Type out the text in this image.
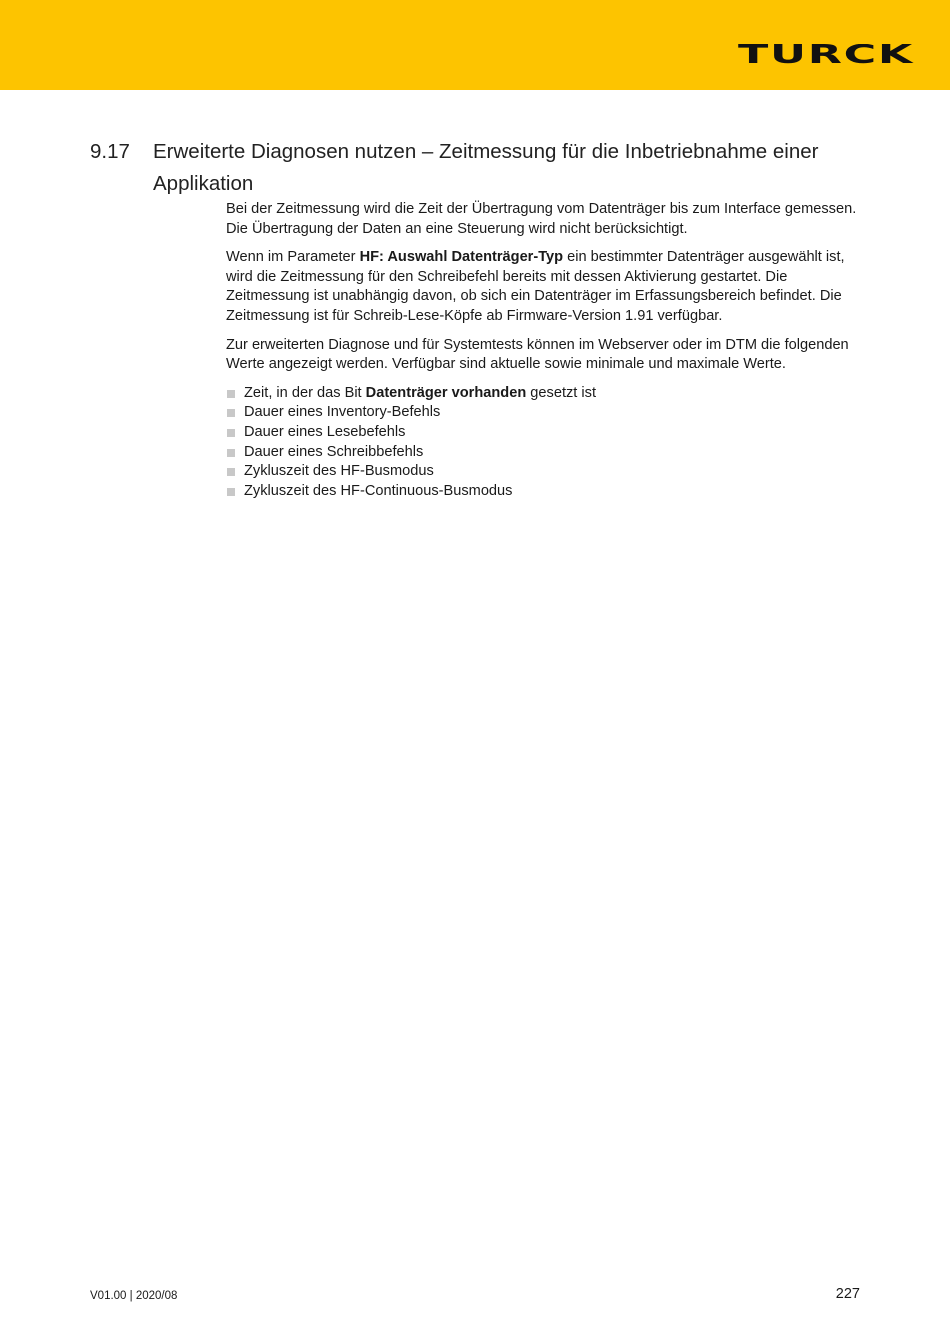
TURCK
9.17	Erweiterte Diagnosen nutzen – Zeitmessung für die Inbetriebnahme einer Applikation

Bei der Zeitmessung wird die Zeit der Übertragung vom Datenträger bis zum Interface gemessen. Die Übertragung der Daten an eine Steuerung wird nicht berücksichtigt.

Wenn im Parameter HF: Auswahl Datenträger-Typ ein bestimmter Datenträger ausgewählt ist, wird die Zeitmessung für den Schreibefehl bereits mit dessen Aktivierung gestartet. Die Zeitmessung ist unabhängig davon, ob sich ein Datenträger im Erfassungsbereich befindet. Die Zeitmessung ist für Schreib-Lese-Köpfe ab Firmware-Version 1.91 verfügbar.

Zur erweiterten Diagnose und für Systemtests können im Webserver oder im DTM die folgenden Werte angezeigt werden. Verfügbar sind aktuelle sowie minimale und maximale Werte.

Zeit, in der das Bit Datenträger vorhanden gesetzt ist
Dauer eines Inventory-Befehls
Dauer eines Lesebefehls
Dauer eines Schreibbefehls
Zykluszeit des HF-Busmodus
Zykluszeit des HF-Continuous-Busmodus
V01.00 | 2020/08	227
